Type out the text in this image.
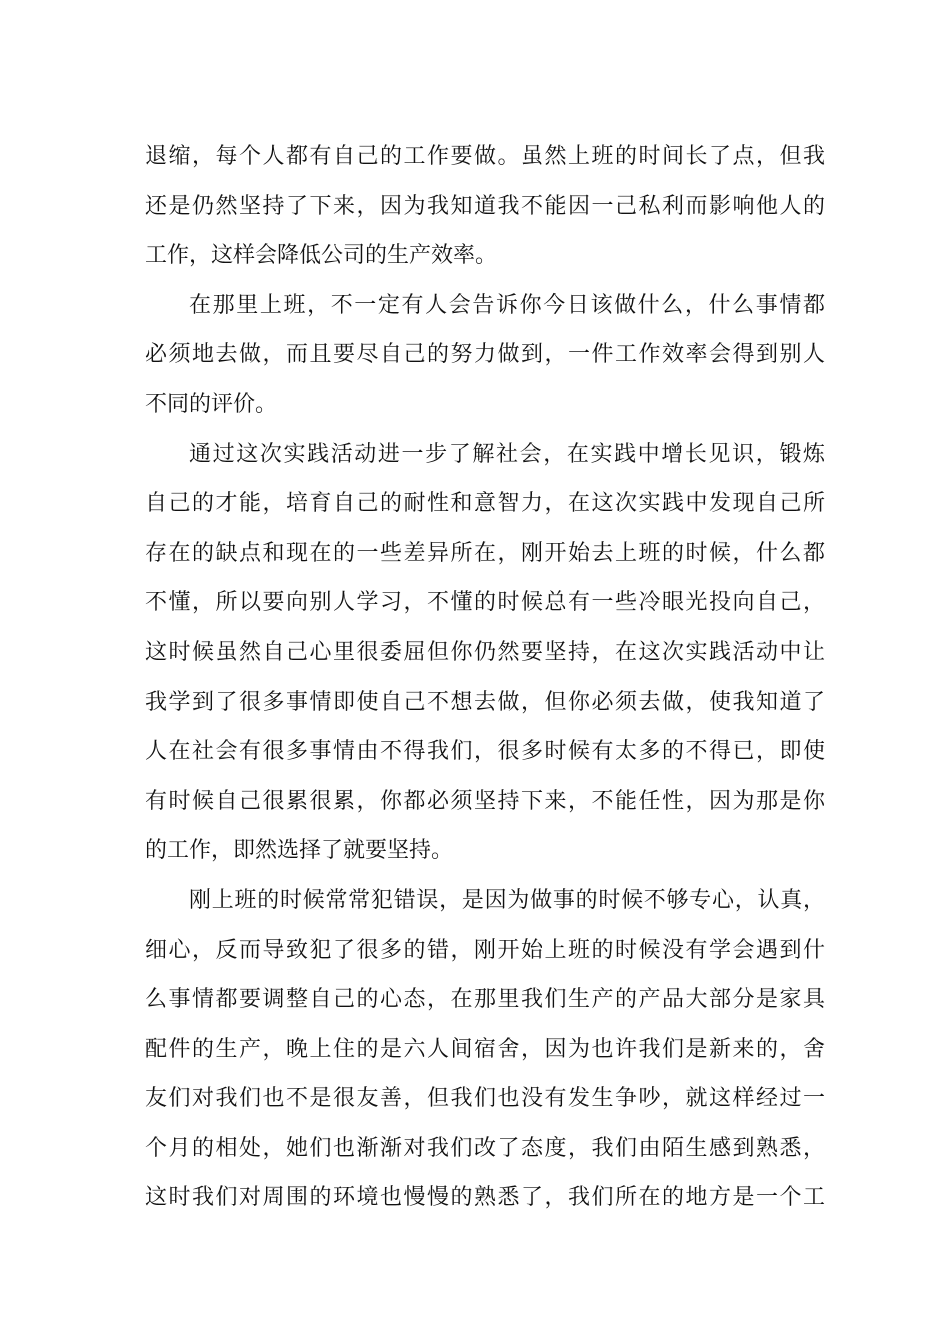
退缩，每个人都有自己的工作要做。虽然上班的时间长了点，但我
还是仍然坚持了下来，因为我知道我不能因一己私利而影响他人的
工作，这样会降低公司的生产效率。
在那里上班，不一定有人会告诉你今日该做什么，什么事情都
必须地去做，而且要尽自己的努力做到，一件工作效率会得到别人
不同的评价。
通过这次实践活动进一步了解社会，在实践中增长见识，锻炼
自己的才能，培育自己的耐性和意智力，在这次实践中发现自己所
存在的缺点和现在的一些差异所在，刚开始去上班的时候，什么都
不懂，所以要向别人学习，不懂的时候总有一些冷眼光投向自己，
这时候虽然自己心里很委屈但你仍然要坚持，在这次实践活动中让
我学到了很多事情即使自己不想去做，但你必须去做，使我知道了
人在社会有很多事情由不得我们，很多时候有太多的不得已，即使
有时候自己很累很累，你都必须坚持下来，不能任性，因为那是你
的工作，即然选择了就要坚持。
刚上班的时候常常犯错误，是因为做事的时候不够专心，认真，
细心，反而导致犯了很多的错，刚开始上班的时候没有学会遇到什
么事情都要调整自己的心态，在那里我们生产的产品大部分是家具
配件的生产，晚上住的是六人间宿舍，因为也许我们是新来的，舍
友们对我们也不是很友善，但我们也没有发生争吵，就这样经过一
个月的相处，她们也渐渐对我们改了态度，我们由陌生感到熟悉，
这时我们对周围的环境也慢慢的熟悉了，我们所在的地方是一个工
